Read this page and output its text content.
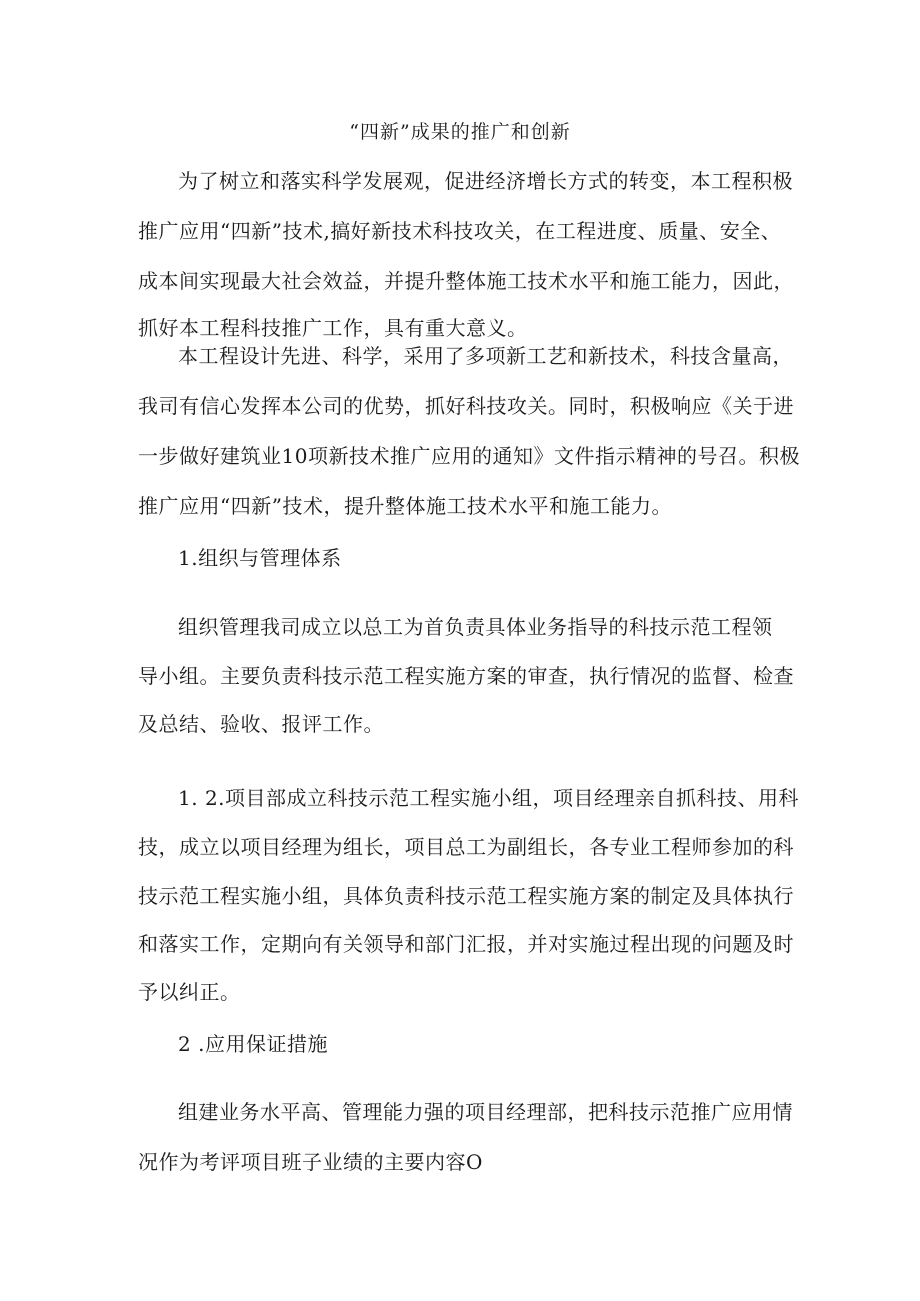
“四新”成果的推广和创新
为了树立和落实科学发展观，促进经济增长方式的转变，本工程积极
推广应用“四新”技术,搞好新技术科技攻关，在工程进度、质量、安全、
成本间实现最大社会效益，并提升整体施工技术水平和施工能力，因此，
抓好本工程科技推广工作，具有重大意义。
本工程设计先进、科学，采用了多项新工艺和新技术，科技含量高，
我司有信心发挥本公司的优势，抓好科技攻关。同时，积极响应《关于进
一步做好建筑业10项新技术推广应用的通知》文件指示精神的号召。积极
推广应用“四新”技术，提升整体施工技术水平和施工能力。
1.组织与管理体系
组织管理我司成立以总工为首负责具体业务指导的科技示范工程领
导小组。主要负责科技示范工程实施方案的审查，执行情况的监督、检查
及总结、验收、报评工作。
1. 2.项目部成立科技示范工程实施小组，项目经理亲自抓科技、用科
技，成立以项目经理为组长，项目总工为副组长，各专业工程师参加的科
技示范工程实施小组，具体负责科技示范工程实施方案的制定及具体执行
和落实工作，定期向有关领导和部门汇报，并对实施过程出现的问题及时
予以纠正。
2 .应用保证措施
组建业务水平高、管理能力强的项目经理部，把科技示范推广应用情
况作为考评项目班子业绩的主要内容O
